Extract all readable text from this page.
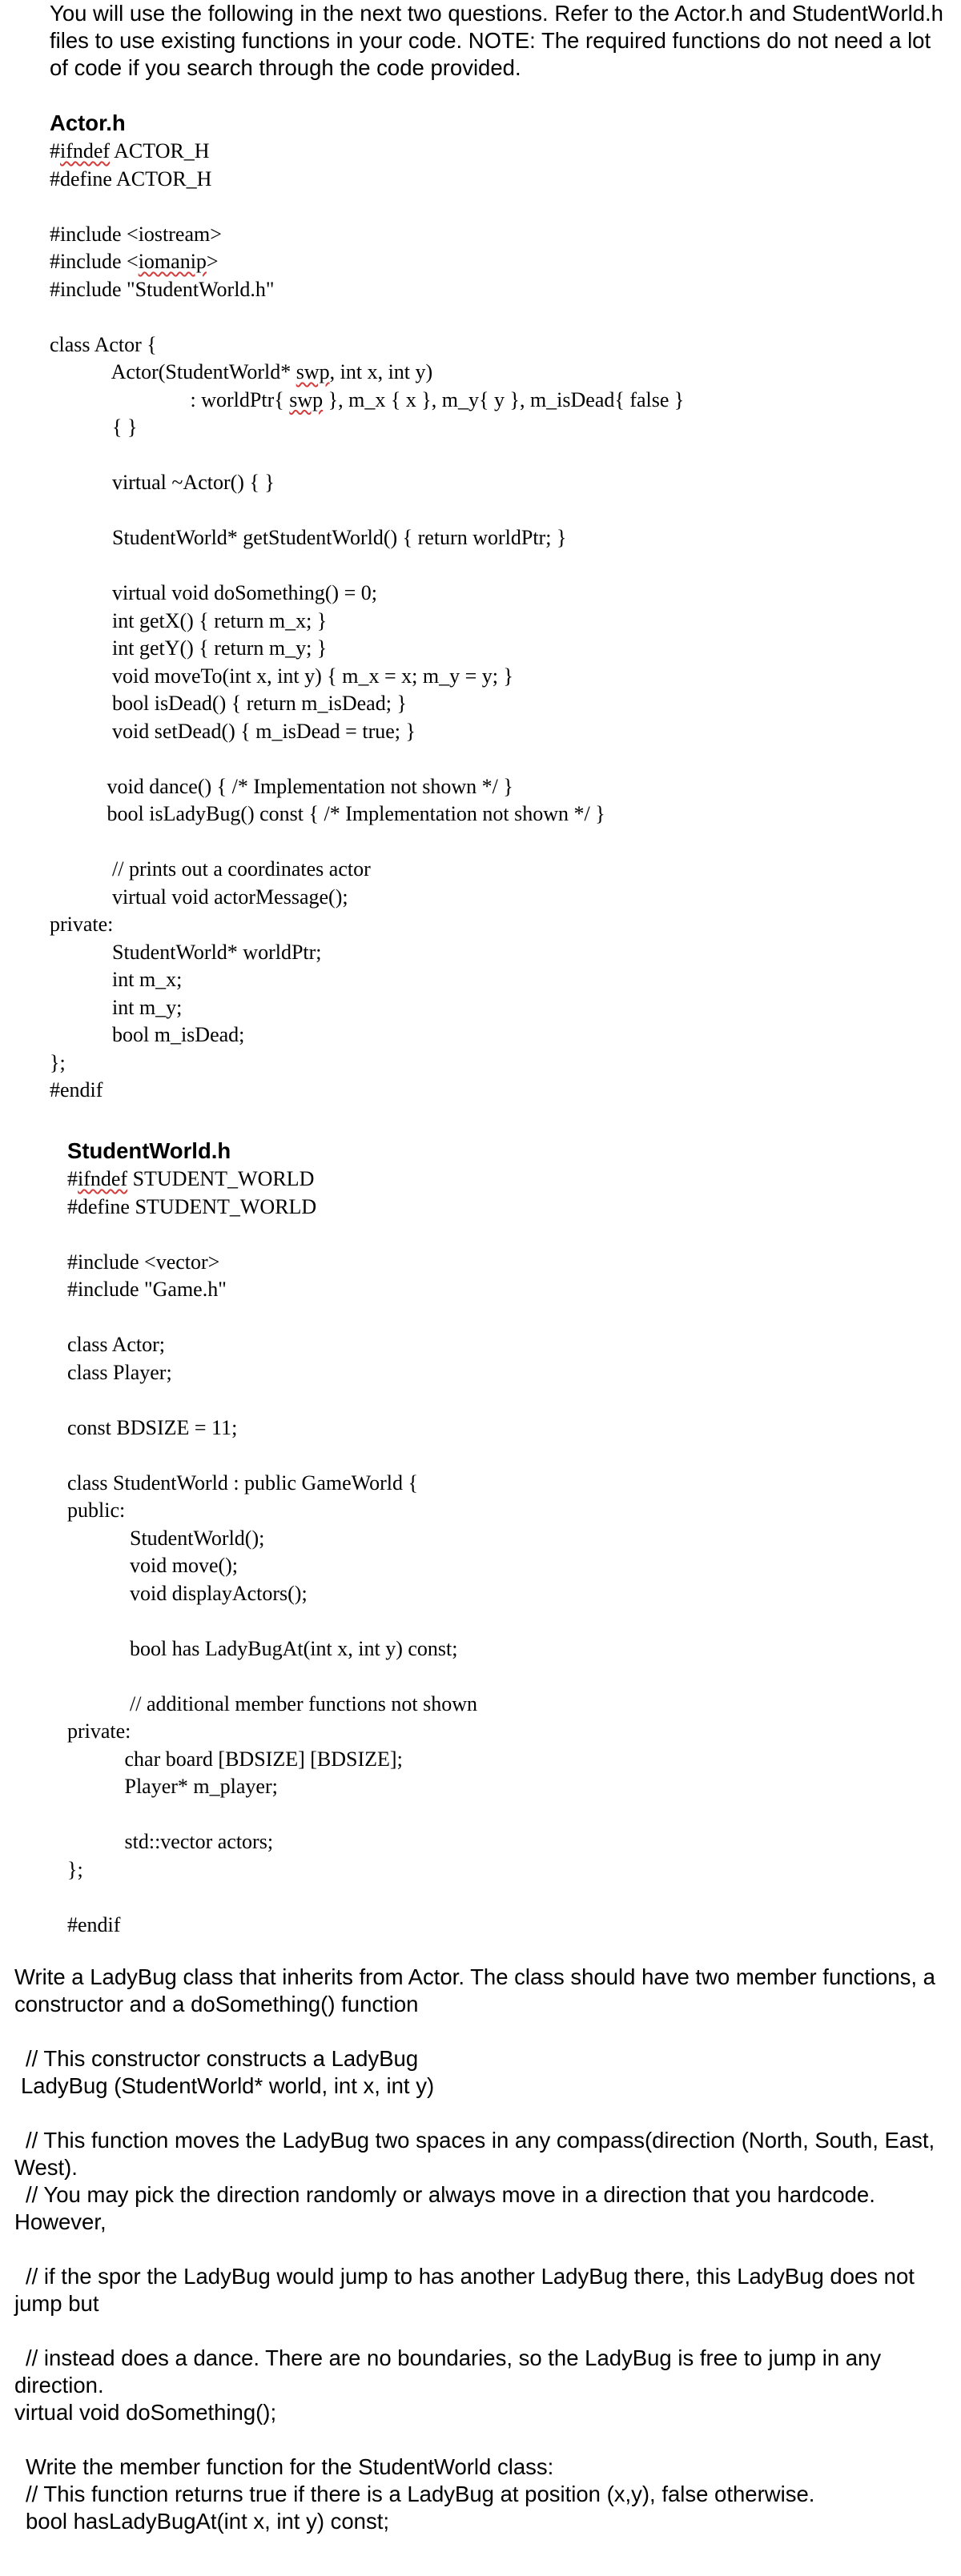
You will use the following in the next two questions. Refer to the Actor.h and StudentWorld.h files to use existing functions in your code. NOTE: The required functions do not need a lot of code if you search through the code provided.
Actor.h
#ifndef ACTOR_H
#define ACTOR_H
#include <iostream>
#include <iomanip>
#include "StudentWorld.h"
class Actor {
Actor(StudentWorld* swp, int x, int y)
: worldPtr{ swp }, m_x { x }, m_y{ y }, m_isDead{ false }
{ }
virtual ~Actor() { }
StudentWorld* getStudentWorld() { return worldPtr; }
virtual void doSomething() = 0;
int getX() { return m_x; }
int getY() { return m_y; }
void moveTo(int x, int y) { m_x = x; m_y = y; }
bool isDead() { return m_isDead; }
void setDead() { m_isDead = true; }
void dance() { /* Implementation not shown */ }
bool isLadyBug() const { /* Implementation not shown */ }
// prints out a coordinates actor
virtual void actorMessage();
private:
StudentWorld* worldPtr;
int m_x;
int m_y;
bool m_isDead;
};
#endif
StudentWorld.h
#ifndef STUDENT_WORLD
#define STUDENT_WORLD
#include <vector>
#include "Game.h"
class Actor;
class Player;
const BDSIZE = 11;
class StudentWorld : public GameWorld {
public:
StudentWorld();
void move();
void displayActors();
bool has LadyBugAt(int x, int y) const;
// additional member functions not shown
private:
char board [BDSIZE] [BDSIZE];
Player* m_player;
std::vector actors;
};
#endif
Write a LadyBug class that inherits from Actor. The class should have two member functions, a constructor and a doSomething() function
// This constructor constructs a LadyBug
LadyBug (StudentWorld* world, int x, int y)
// This function moves the LadyBug two spaces in any compass(direction (North, South, East, West).
// You may pick the direction randomly or always move in a direction that you hardcode. However,
// if the spor the LadyBug would jump to has another LadyBug there, this LadyBug does not jump but
// instead does a dance. There are no boundaries, so the LadyBug is free to jump in any direction.
virtual void doSomething();
Write the member function for the StudentWorld class:
// This function returns true if there is a LadyBug at position (x,y), false otherwise.
bool hasLadyBugAt(int x, int y) const;
